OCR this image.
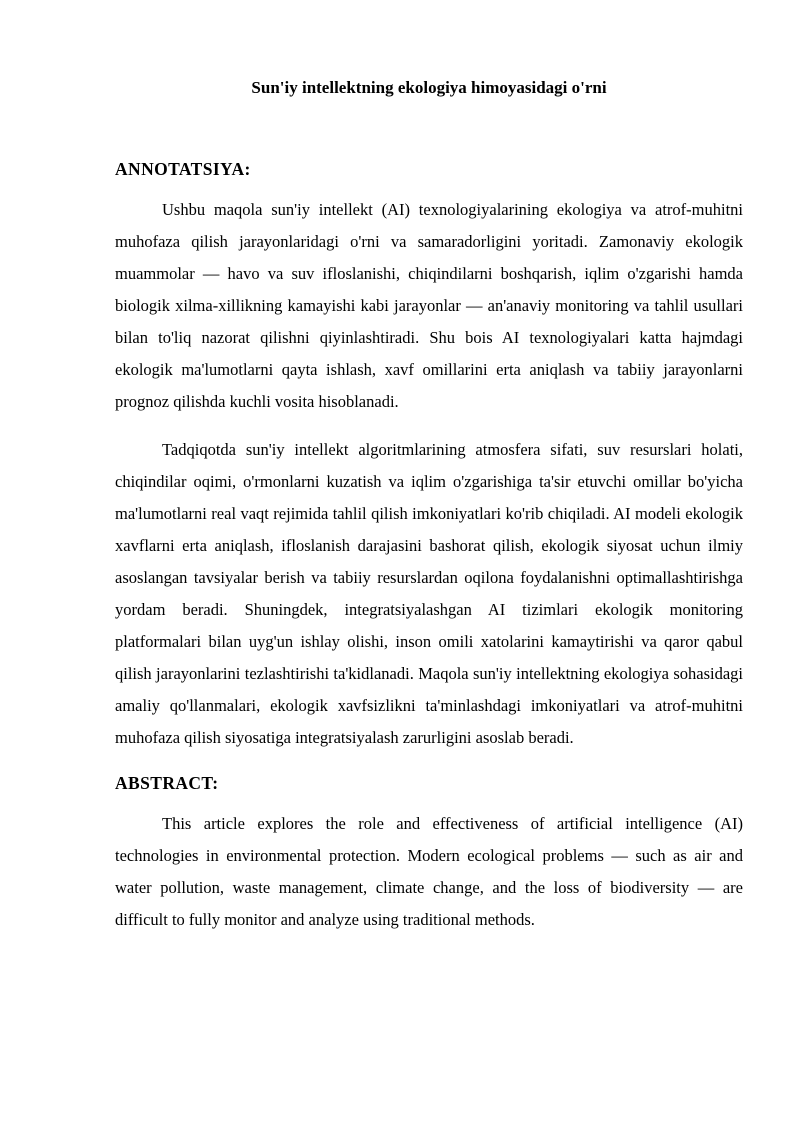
Sun'iy intellektning ekologiya himoyasidagi o'rni
ANNOTATSIYA:

Ushbu maqola sun'iy intellekt (AI) texnologiyalarining ekologiya va atrof-muhitni muhofaza qilish jarayonlaridagi o'rni va samaradorligini yoritadi. Zamonaviy ekologik muammolar — havo va suv ifloslanishi, chiqindilarni boshqarish, iqlim o'zgarishi hamda biologik xilma-xillikning kamayishi kabi jarayonlar — an'anaviy monitoring va tahlil usullari bilan to'liq nazorat qilishni qiyinlashtiradi. Shu bois AI texnologiyalari katta hajmdagi ekologik ma'lumotlarni qayta ishlash, xavf omillarini erta aniqlash va tabiiy jarayonlarni prognoz qilishda kuchli vosita hisoblanadi.

Tadqiqotda sun'iy intellekt algoritmlarining atmosfera sifati, suv resurslari holati, chiqindilar oqimi, o'rmonlarni kuzatish va iqlim o'zgarishiga ta'sir etuvchi omillar bo'yicha ma'lumotlarni real vaqt rejimida tahlil qilish imkoniyatlari ko'rib chiqiladi. AI modeli ekologik xavflarni erta aniqlash, ifloslanish darajasini bashorat qilish, ekologik siyosat uchun ilmiy asoslangan tavsiyalar berish va tabiiy resurslardan oqilona foydalanishni optimallashtirishga yordam beradi. Shuningdek, integratsiyalashgan AI tizimlari ekologik monitoring platformalari bilan uyg'un ishlay olishi, inson omili xatolarini kamaytirishi va qaror qabul qilish jarayonlarini tezlashtirishi ta'kidlanadi. Maqola sun'iy intellektning ekologiya sohasidagi amaliy qo'llanmalari, ekologik xavfsizlikni ta'minlashdagi imkoniyatlari va atrof-muhitni muhofaza qilish siyosatiga integratsiyalash zarurligini asoslab beradi.

ABSTRACT:

This article explores the role and effectiveness of artificial intelligence (AI) technologies in environmental protection. Modern ecological problems — such as air and water pollution, waste management, climate change, and the loss of biodiversity — are difficult to fully monitor and analyze using traditional methods.
